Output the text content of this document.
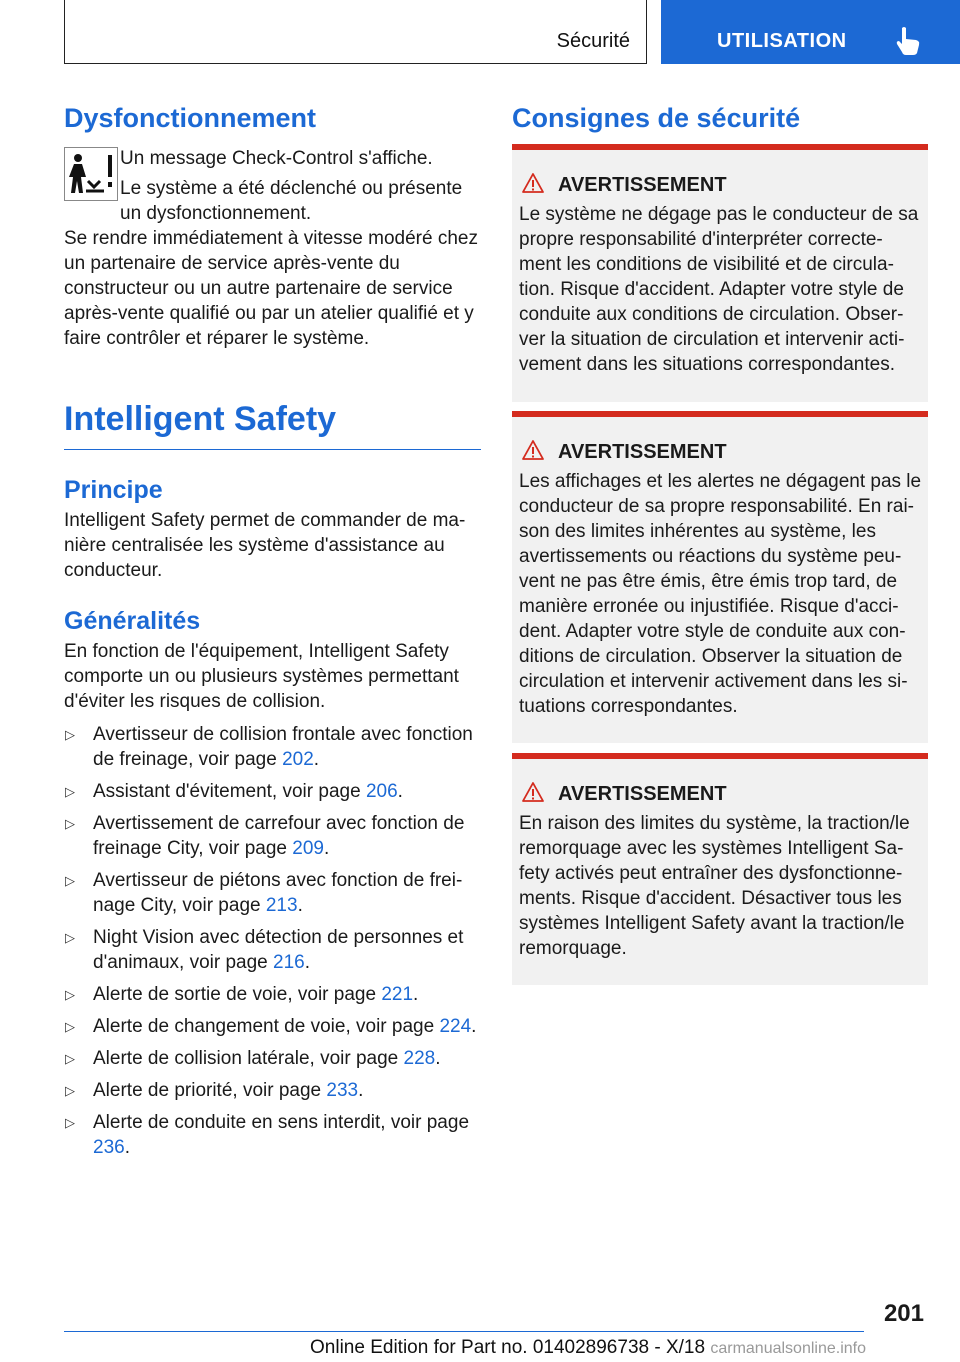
Sécurité	UTILISATION
Dysfonctionnement

Un message Check-Control s'affiche.

Le système a été déclenché ou présente un dysfonctionnement.

Se rendre immédiatement à vitesse modéré chez un partenaire de service après-vente du constructeur ou un autre partenaire de service après-vente qualifié ou par un atelier qualifié et y faire contrôler et réparer le système.

Intelligent Safety
Principe

Intelligent Safety permet de commander de ma-nière centralisée les système d'assistance au conducteur.

Généralités

En fonction de l'équipement, Intelligent Safety comporte un ou plusieurs systèmes permettant d'éviter les risques de collision.

▷ Avertisseur de collision frontale avec fonction de freinage, voir page 202.
▷ Assistant d'évitement, voir page 206.
▷ Avertissement de carrefour avec fonction de freinage City, voir page 209.
▷ Avertisseur de piétons avec fonction de frei-nage City, voir page 213.
▷ Night Vision avec détection de personnes et d'animaux, voir page 216.
▷ Alerte de sortie de voie, voir page 221.
▷ Alerte de changement de voie, voir page 224.
▷ Alerte de collision latérale, voir page 228.
▷ Alerte de priorité, voir page 233.
▷ Alerte de conduite en sens interdit, voir page 236.
Consignes de sécurité
AVERTISSEMENT
Le système ne dégage pas le conducteur de sa propre responsabilité d'interpréter correcte-ment les conditions de visibilité et de circula-tion. Risque d'accident. Adapter votre style de conduite aux conditions de circulation. Obser-ver la situation de circulation et intervenir acti-vement dans les situations correspondantes.
AVERTISSEMENT
Les affichages et les alertes ne dégagent pas le conducteur de sa propre responsabilité. En rai-son des limites inhérentes au système, les avertissements ou réactions du système peu-vent ne pas être émis, être émis trop tard, de manière erronée ou injustifiée. Risque d'acci-dent. Adapter votre style de conduite aux con-ditions de circulation. Observer la situation de circulation et intervenir activement dans les si-tuations correspondantes.
AVERTISSEMENT
En raison des limites du système, la traction/le remorquage avec les systèmes Intelligent Sa-fety activés peut entraîner des dysfonctionne-ments. Risque d'accident. Désactiver tous les systèmes Intelligent Safety avant la traction/le remorquage.
201
Online Edition for Part no. 01402896738 - X/18 carmanualsonline.info
